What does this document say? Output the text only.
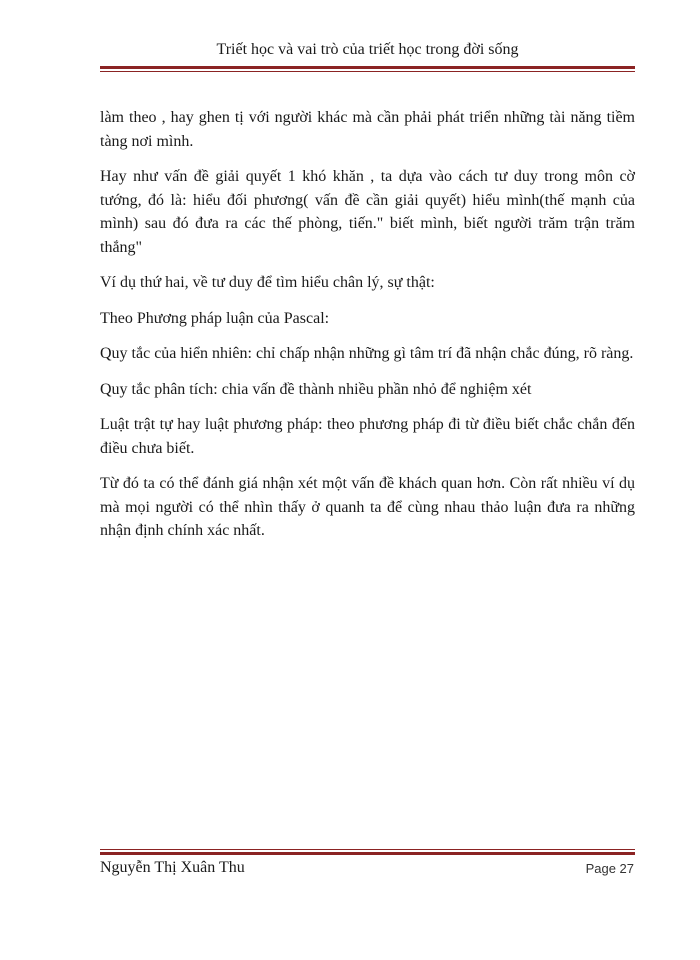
Triết học và vai trò của triết học trong đời sống

làm theo , hay ghen tị với người khác mà cần phải phát triển những tài năng tiềm tàng nơi mình.

Hay như vấn đề giải quyết 1 khó khăn , ta dựa vào cách tư duy trong môn cờ tướng, đó là: hiểu đối phương( vấn đề cần giải quyết) hiểu mình(thế mạnh của mình) sau đó đưa ra các thế phòng, tiến." biết mình, biết người trăm trận trăm thắng"

Ví dụ thứ hai, về tư duy để tìm hiểu chân lý, sự thật:

Theo Phương pháp luận của Pascal:

Quy tắc của hiển nhiên: chỉ chấp nhận những gì tâm trí đã nhận chắc đúng, rõ ràng.

Quy tắc phân tích: chia vấn đề thành nhiều phần nhỏ để nghiệm xét

Luật trật tự hay luật phương pháp: theo phương pháp đi từ điều biết chắc chắn đến điều chưa biết.

Từ đó ta có thể đánh giá nhận xét một vấn đề khách quan hơn. Còn rất nhiều ví dụ mà mọi người có thể nhìn thấy ở quanh ta để cùng nhau thảo luận đưa ra những nhận định chính xác nhất.

Nguyễn Thị Xuân Thu	Page 27
